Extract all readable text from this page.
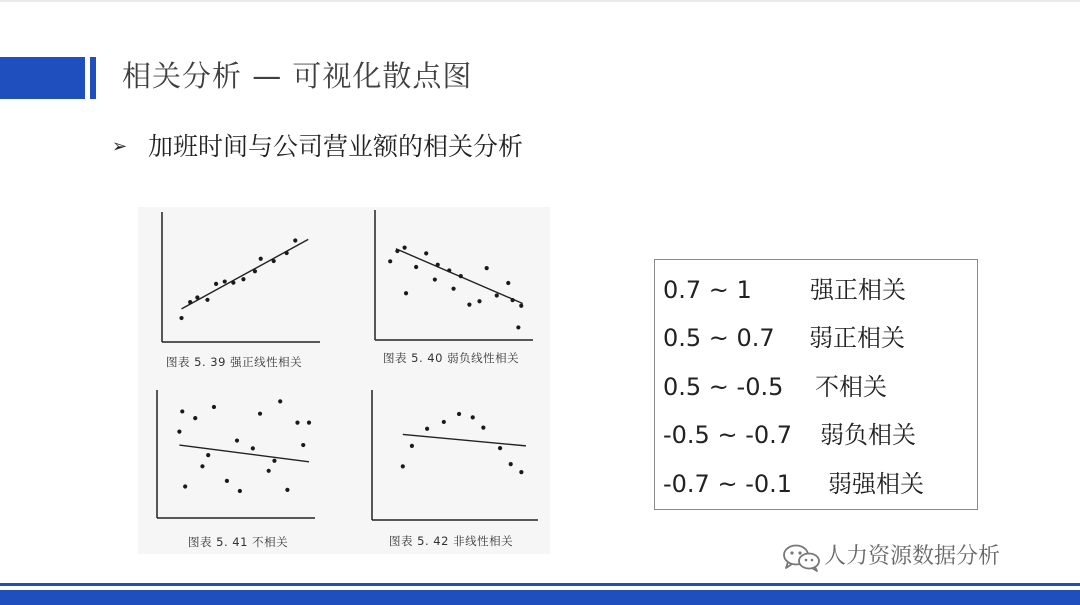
相关分析 — 可视化散点图
➢ 加班时间与公司营业额的相关分析
图表 5. 39 强正线性相关	图表 5. 40 弱负线性相关
图表 5. 41 不相关	图表 5. 42 非线性相关
0.7 ~ 1 强正相关
0.5 ~ 0.7 弱正相关
0.5 ~ -0.5 不相关
-0.5 ~ -0.7 弱负相关
-0.7 ~ -0.1 弱强相关
人力资源数据分析
